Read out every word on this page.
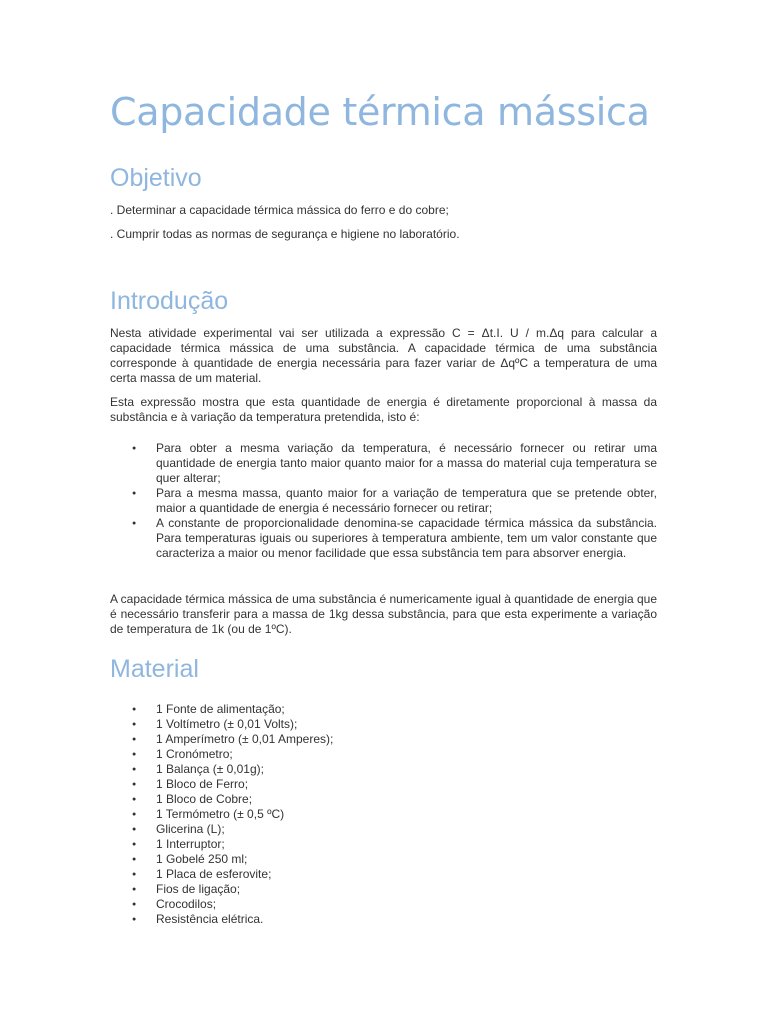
Capacidade térmica mássica
Objetivo

. Determinar a capacidade térmica mássica do ferro e do cobre;

. Cumprir todas as normas de segurança e higiene no laboratório.

Introdução

Nesta atividade experimental vai ser utilizada a expressão C = Δt.I. U / m.Δq para calcular a capacidade térmica mássica de uma substância. A capacidade térmica de uma substância corresponde à quantidade de energia necessária para fazer variar de ΔqºC a temperatura de uma certa massa de um material.

Esta expressão mostra que esta quantidade de energia é diretamente proporcional à massa da substância e à variação da temperatura pretendida, isto é:

● Para obter a mesma variação da temperatura, é necessário fornecer ou retirar uma quantidade de energia tanto maior quanto maior for a massa do material cuja temperatura se quer alterar;
● Para a mesma massa, quanto maior for a variação de temperatura que se pretende obter, maior a quantidade de energia é necessário fornecer ou retirar;
● A constante de proporcionalidade denomina-se capacidade térmica mássica da substância. Para temperaturas iguais ou superiores à temperatura ambiente, tem um valor constante que caracteriza a maior ou menor facilidade que essa substância tem para absorver energia.

A capacidade térmica mássica de uma substância é numericamente igual à quantidade de energia que é necessário transferir para a massa de 1kg dessa substância, para que esta experimente a variação de temperatura de 1k (ou de 1ºC).

Material
● 1 Fonte de alimentação;
● 1 Voltímetro (± 0,01 Volts);
● 1 Amperímetro (± 0,01 Amperes);
● 1 Cronómetro;
● 1 Balança (± 0,01g);
● 1 Bloco de Ferro;
● 1 Bloco de Cobre;
● 1 Termómetro (± 0,5 ºC)
● Glicerina (L);
● 1 Interruptor;
● 1 Gobelé 250 ml;
● 1 Placa de esferovite;
● Fios de ligação;
● Crocodilos;
● Resistência elétrica.
